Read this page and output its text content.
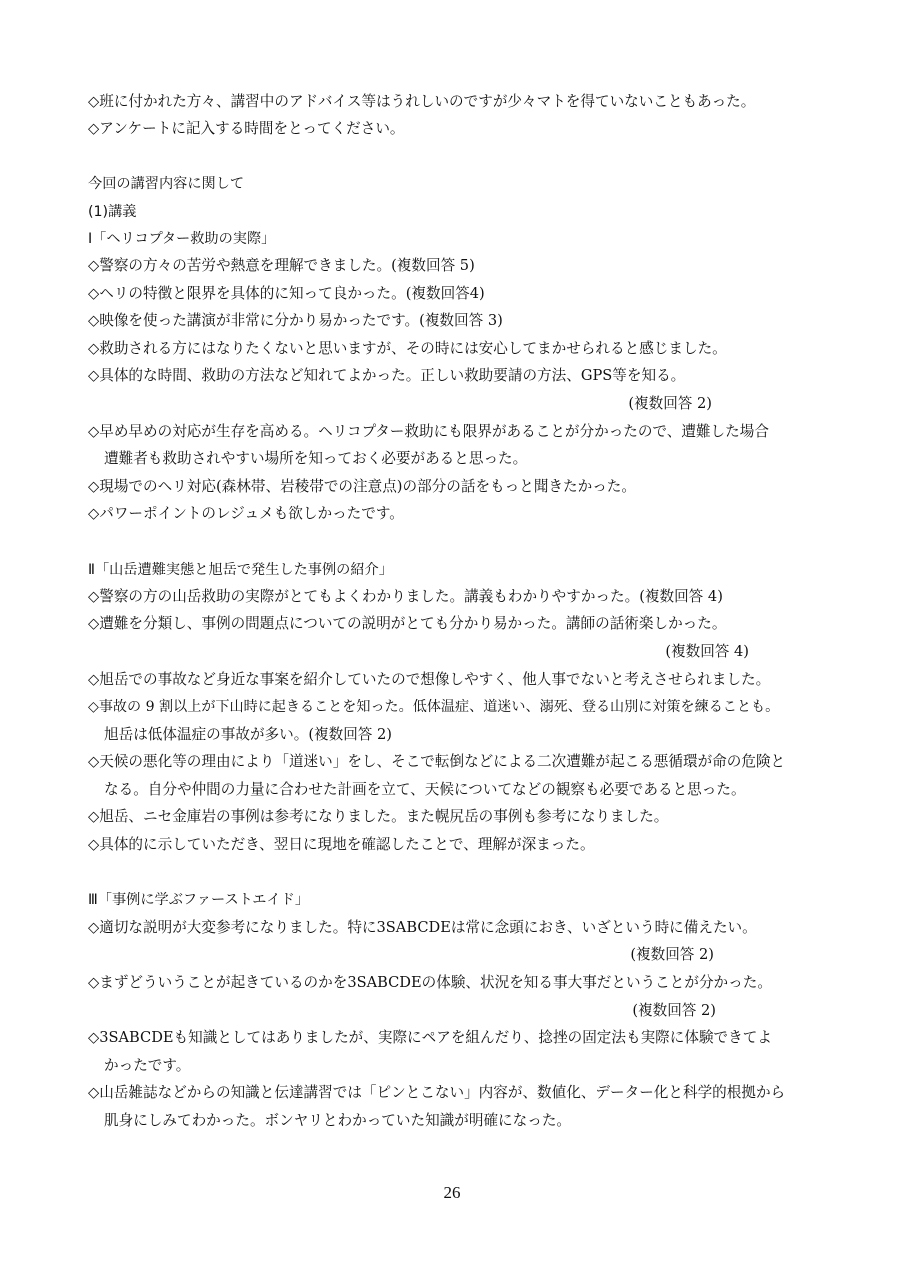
◇班に付かれた方々、講習中のアドバイス等はうれしいのですが少々マトを得ていないこともあった。
◇アンケートに記入する時間をとってください。
今回の講習内容に関して
(1)講義
Ⅰ「ヘリコプター救助の実際」
◇警察の方々の苦労や熱意を理解できました。(複数回答 5)
◇ヘリの特徴と限界を具体的に知って良かった。(複数回答4)
◇映像を使った講演が非常に分かり易かったです。(複数回答 3)
◇救助される方にはなりたくないと思いますが、その時には安心してまかせられると感じました。
◇具体的な時間、救助の方法など知れてよかった。正しい救助要請の方法、GPS等を知る。
(複数回答 2)
◇早め早めの対応が生存を高める。ヘリコプター救助にも限界があることが分かったので、遭難した場合
遭難者も救助されやすい場所を知っておく必要があると思った。
◇現場でのヘリ対応(森林帯、岩稜帯での注意点)の部分の話をもっと聞きたかった。
◇パワーポイントのレジュメも欲しかったです。
Ⅱ「山岳遭難実態と旭岳で発生した事例の紹介」
◇警察の方の山岳救助の実際がとてもよくわかりました。講義もわかりやすかった。(複数回答 4)
◇遭難を分類し、事例の問題点についての説明がとても分かり易かった。講師の話術楽しかった。
(複数回答 4)
◇旭岳での事故など身近な事案を紹介していたので想像しやすく、他人事でないと考えさせられました。
◇事故の 9 割以上が下山時に起きることを知った。低体温症、道迷い、溺死、登る山別に対策を練ることも。
旭岳は低体温症の事故が多い。(複数回答 2)
◇天候の悪化等の理由により「道迷い」をし、そこで転倒などによる二次遭難が起こる悪循環が命の危険と
なる。自分や仲間の力量に合わせた計画を立て、天候についてなどの観察も必要であると思った。
◇旭岳、ニセ金庫岩の事例は参考になりました。また幌尻岳の事例も参考になりました。
◇具体的に示していただき、翌日に現地を確認したことで、理解が深まった。
Ⅲ「事例に学ぶファーストエイド」
◇適切な説明が大変参考になりました。特に3SABCDEは常に念頭におき、いざという時に備えたい。
(複数回答 2)
◇まずどういうことが起きているのかを3SABCDEの体験、状況を知る事大事だということが分かった。
(複数回答 2)
◇3SABCDEも知識としてはありましたが、実際にペアを組んだり、捻挫の固定法も実際に体験できてよ
かったです。
◇山岳雑誌などからの知識と伝達講習では「ピンとこない」内容が、数値化、データー化と科学的根拠から
肌身にしみてわかった。ボンヤリとわかっていた知識が明確になった。
26
